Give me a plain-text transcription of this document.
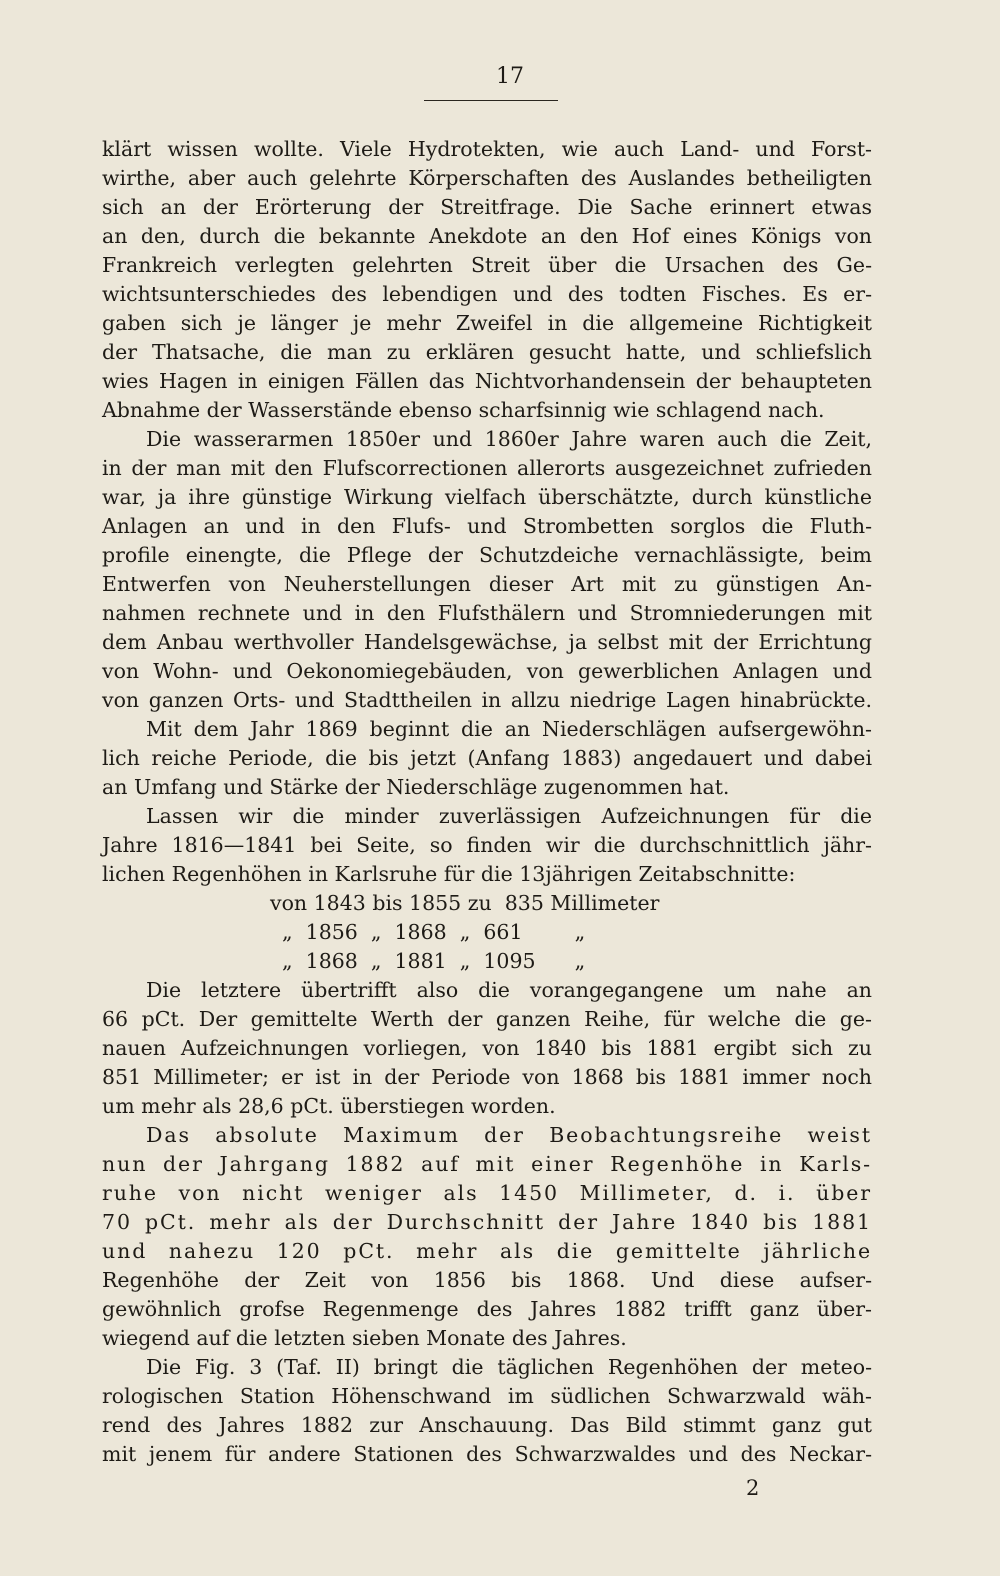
17
klärt wissen wollte. Viele Hydrotekten, wie auch Land- und Forst-
wirthe, aber auch gelehrte Körperschaften des Auslandes betheiligten
sich an der Erörterung der Streitfrage. Die Sache erinnert etwas
an den, durch die bekannte Anekdote an den Hof eines Königs von
Frankreich verlegten gelehrten Streit über die Ursachen des Ge-
wichtsunterschiedes des lebendigen und des todten Fisches. Es er-
gaben sich je länger je mehr Zweifel in die allgemeine Richtigkeit
der Thatsache, die man zu erklären gesucht hatte, und schliefslich
wies Hagen in einigen Fällen das Nichtvorhandensein der behaupteten
Abnahme der Wasserstände ebenso scharfsinnig wie schlagend nach.
Die wasserarmen 1850er und 1860er Jahre waren auch die Zeit,
in der man mit den Flufscorrectionen allerorts ausgezeichnet zufrieden
war, ja ihre günstige Wirkung vielfach überschätzte, durch künstliche
Anlagen an und in den Flufs- und Strombetten sorglos die Fluth-
profile einengte, die Pflege der Schutzdeiche vernachlässigte, beim
Entwerfen von Neuherstellungen dieser Art mit zu günstigen An-
nahmen rechnete und in den Flufsthälern und Stromniederungen mit
dem Anbau werthvoller Handelsgewächse, ja selbst mit der Errichtung
von Wohn- und Oekonomiegebäuden, von gewerblichen Anlagen und
von ganzen Orts- und Stadttheilen in allzu niedrige Lagen hinabrückte.
Mit dem Jahr 1869 beginnt die an Niederschlägen aufsergewöhn-
lich reiche Periode, die bis jetzt (Anfang 1883) angedauert und dabei
an Umfang und Stärke der Niederschläge zugenommen hat.
Lassen wir die minder zuverlässigen Aufzeichnungen für die
Jahre 1816—1841 bei Seite, so finden wir die durchschnittlich jähr-
lichen Regenhöhen in Karlsruhe für die 13jährigen Zeitabschnitte:
von 1843 bis 1855 zu  835 Millimeter
„  1856  „  1868  „  661        „
„  1868  „  1881  „  1095      „
Die letztere übertrifft also die vorangegangene um nahe an
66 pCt. Der gemittelte Werth der ganzen Reihe, für welche die ge-
nauen Aufzeichnungen vorliegen, von 1840 bis 1881 ergibt sich zu
851 Millimeter; er ist in der Periode von 1868 bis 1881 immer noch
um mehr als 28,6 pCt. überstiegen worden.
Das absolute Maximum der Beobachtungsreihe weist
nun der Jahrgang 1882 auf mit einer Regenhöhe in Karls-
ruhe von nicht weniger als 1450 Millimeter, d. i. über
70 pCt. mehr als der Durchschnitt der Jahre 1840 bis 1881
und nahezu 120 pCt. mehr als die gemittelte jährliche
Regenhöhe der Zeit von 1856 bis 1868. Und diese aufser-
gewöhnlich grofse Regenmenge des Jahres 1882 trifft ganz über-
wiegend auf die letzten sieben Monate des Jahres.
Die Fig. 3 (Taf. II) bringt die täglichen Regenhöhen der meteo-
rologischen Station Höhenschwand im südlichen Schwarzwald wäh-
rend des Jahres 1882 zur Anschauung. Das Bild stimmt ganz gut
mit jenem für andere Stationen des Schwarzwaldes und des Neckar-
2
